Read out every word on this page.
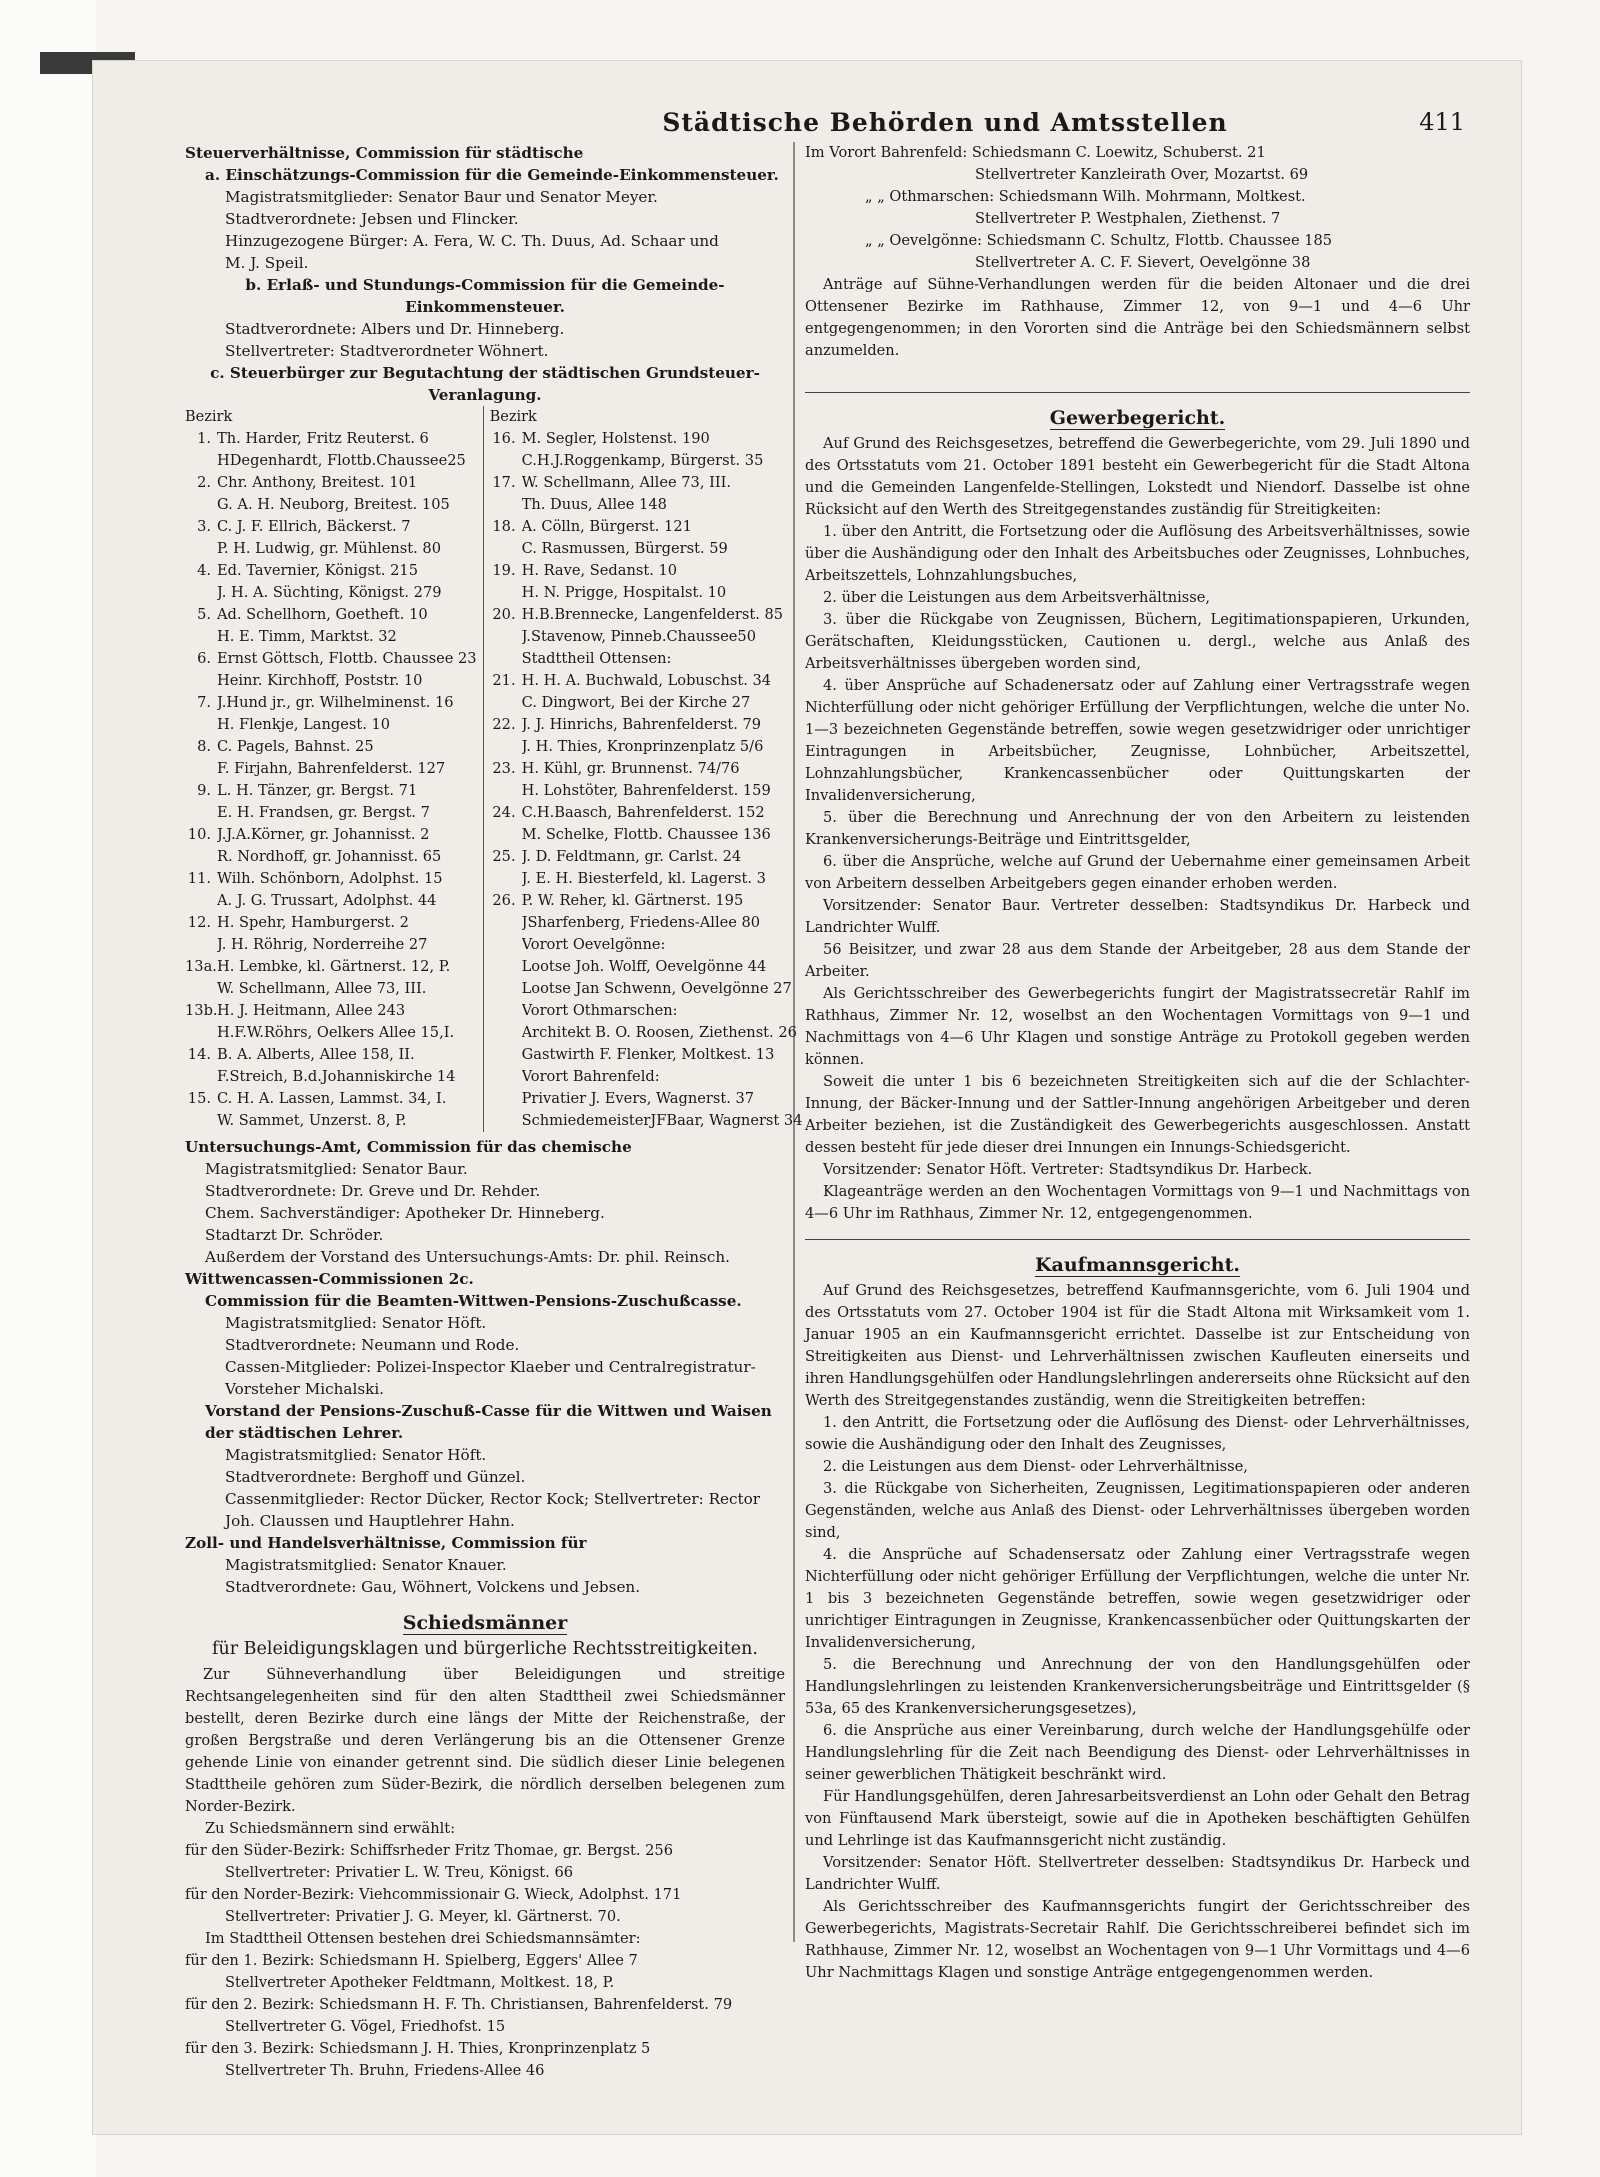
Städtische Behörden und Amtsstellen	411
Steuerverhältnisse, Commission für städtische
a. Einschätzungs-Commission für die Gemeinde-Einkommensteuer.
Magistratsmitglieder: Senator Baur und Senator Meyer.
Stadtverordnete: Jebsen und Flincker.
Hinzugezogene Bürger: A. Fera, W. C. Th. Duus, Ad. Schaar und
M. J. Speil.
b. Erlaß- und Stundungs-Commission für die Gemeinde-Einkommensteuer.
Stadtverordnete: Albers und Dr. Hinneberg.
Stellvertreter: Stadtverordneter Wöhnert.
c. Steuerbürger zur Begutachtung der städtischen Grundsteuer-Veranlagung.
Bezirk
1. Th. Harder, Fritz Reuterst. 6
HDegenhardt, Flottb.Chaussee25
2. Chr. Anthony, Breitest. 101
G. A. H. Neuborg, Breitest. 105
3. C. J. F. Ellrich, Bäckerst. 7
P. H. Ludwig, gr. Mühlenst. 80
4. Ed. Tavernier, Königst. 215
J. H. A. Süchting, Königst. 279
5. Ad. Schellhorn, Goetheft. 10
H. E. Timm, Marktst. 32
6. Ernst Göttsch, Flottb. Chaussee 23
Heinr. Kirchhoff, Poststr. 10
7. J.Hund jr., gr. Wilhelminenst. 16
H. Flenkje, Langest. 10
8. C. Pagels, Bahnst. 25
F. Firjahn, Bahrenfelderst. 127
9. L. H. Tänzer, gr. Bergst. 71
E. H. Frandsen, gr. Bergst. 7
10. J.J.A.Körner, gr. Johannisst. 2
R. Nordhoff, gr. Johannisst. 65
11. Wilh. Schönborn, Adolphst. 15
A. J. G. Trussart, Adolphst. 44
12. H. Spehr, Hamburgerst. 2
J. H. Röhrig, Norderreihe 27
13a. H. Lembke, kl. Gärtnerst. 12, P.
W. Schellmann, Allee 73, III.
13b. H. J. Heitmann, Allee 243
H.F.W.Röhrs, Oelkers Allee 15,I.
14. B. A. Alberts, Allee 158, II.
F.Streich, B.d.Johanniskirche 14
15. C. H. A. Lassen, Lammst. 34, I.
W. Sammet, Unzerst. 8, P.
Bezirk
16. M. Segler, Holstenst. 190
C.H.J.Roggenkamp, Bürgerst. 35
17. W. Schellmann, Allee 73, III.
Th. Duus, Allee 148
18. A. Cölln, Bürgerst. 121
C. Rasmussen, Bürgerst. 59
19. H. Rave, Sedanst. 10
H. N. Prigge, Hospitalst. 10
20. H.B.Brennecke, Langenfelderst. 85
J.Stavenow, Pinneb.Chaussee50
Stadttheil Ottensen:
21. H. H. A. Buchwald, Lobuschst. 34
C. Dingwort, Bei der Kirche 27
22. J. J. Hinrichs, Bahrenfelderst. 79
J. H. Thies, Kronprinzenplatz 5/6
23. H. Kühl, gr. Brunnenst. 74/76
H. Lohstöter, Bahrenfelderst. 159
24. C.H.Baasch, Bahrenfelderst. 152
M. Schelke, Flottb. Chaussee 136
25. J. D. Feldtmann, gr. Carlst. 24
J. E. H. Biesterfeld, kl. Lagerst. 3
26. P. W. Reher, kl. Gärtnerst. 195
JSharfenberg, Friedens-Allee 80
Vorort Oevelgönne:
Lootse Joh. Wolff, Oevelgönne 44
Lootse Jan Schwenn, Oevelgönne 27
Vorort Othmarschen:
Architekt B. O. Roosen, Ziethenst. 26
Gastwirth F. Flenker, Moltkest. 13
Vorort Bahrenfeld:
Privatier J. Evers, Wagnerst. 37
SchmiedemeisterJFBaar, Wagnerst 34
Untersuchungs-Amt, Commission für das chemische
Magistratsmitglied: Senator Baur.
Stadtverordnete: Dr. Greve und Dr. Rehder.
Chem. Sachverständiger: Apotheker Dr. Hinneberg.
Stadtarzt Dr. Schröder.
Außerdem der Vorstand des Untersuchungs-Amts: Dr. phil. Reinsch.
Wittwencassen-Commissionen 2c.
Commission für die Beamten-Wittwen-Pensions-Zuschußcasse.
Magistratsmitglied: Senator Höft.
Stadtverordnete: Neumann und Rode.
Cassen-Mitglieder: Polizei-Inspector Klaeber und Centralregistratur-
Vorsteher Michalski.
Vorstand der Pensions-Zuschuß-Casse für die Wittwen und Waisen der städtischen Lehrer.
Magistratsmitglied: Senator Höft.
Stadtverordnete: Berghoff und Günzel.
Cassenmitglieder: Rector Dücker, Rector Kock; Stellvertreter: Rector
Joh. Claussen und Hauptlehrer Hahn.
Zoll- und Handelsverhältnisse, Commission für
Magistratsmitglied: Senator Knauer.
Stadtverordnete: Gau, Wöhnert, Volckens und Jebsen.
Schiedsmänner
für Beleidigungsklagen und bürgerliche Rechtsstreitigkeiten.
Zur Sühneverhandlung über Beleidigungen und streitige Rechtsangelegenheiten sind für den alten Stadttheil zwei Schiedsmänner bestellt, deren Bezirke durch eine längs der Mitte der Reichenstraße, der großen Bergstraße und deren Verlängerung bis an die Ottensener Grenze gehende Linie von einander getrennt sind. Die südlich dieser Linie belegenen Stadttheile gehören zum Süder-Bezirk, die nördlich derselben belegenen zum Norder-Bezirk.
Zu Schiedsmännern sind erwählt:
für den Süder-Bezirk: Schiffsrheder Fritz Thomae, gr. Bergst. 256
Stellvertreter: Privatier L. W. Treu, Königst. 66
für den Norder-Bezirk: Viehcommissionair G. Wieck, Adolphst. 171
Stellvertreter: Privatier J. G. Meyer, kl. Gärtnerst. 70.
Im Stadttheil Ottensen bestehen drei Schiedsmannsämter:
für den 1. Bezirk: Schiedsmann H. Spielberg, Eggers' Allee 7
Stellvertreter Apotheker Feldtmann, Moltkest. 18, P.
für den 2. Bezirk: Schiedsmann H. F. Th. Christiansen, Bahrenfelderst. 79
Stellvertreter G. Vögel, Friedhofst. 15
für den 3. Bezirk: Schiedsmann J. H. Thies, Kronprinzenplatz 5
Stellvertreter Th. Bruhn, Friedens-Allee 46
Im Vorort Bahrenfeld: Schiedsmann C. Loewitz, Schuberst. 21
Stellvertreter Kanzleirath Over, Mozartst. 69
„ „ Othmarschen: Schiedsmann Wilh. Mohrmann, Moltkest.
Stellvertreter P. Westphalen, Ziethenst. 7
„ „ Oevelgönne: Schiedsmann C. Schultz, Flottb. Chaussee 185
Stellvertreter A. C. F. Sievert, Oevelgönne 38
Anträge auf Sühne-Verhandlungen werden für die beiden Altonaer und die drei Ottensener Bezirke im Rathhause, Zimmer 12, von 9—1 und 4—6 Uhr entgegengenommen; in den Vororten sind die Anträge bei den Schiedsmännern selbst anzumelden.
Gewerbegericht.
Auf Grund des Reichsgesetzes, betreffend die Gewerbegerichte, vom 29. Juli 1890 und des Ortsstatuts vom 21. October 1891 besteht ein Gewerbegericht für die Stadt Altona und die Gemeinden Langenfelde-Stellingen, Lokstedt und Niendorf. Dasselbe ist ohne Rücksicht auf den Werth des Streitgegenstandes zuständig für Streitigkeiten:
1. über den Antritt, die Fortsetzung oder die Auflösung des Arbeitsverhältnisses, sowie über die Aushändigung oder den Inhalt des Arbeitsbuches oder Zeugnisses, Lohnbuches, Arbeitszettels, Lohnzahlungsbuches,
2. über die Leistungen aus dem Arbeitsverhältnisse,
3. über die Rückgabe von Zeugnissen, Büchern, Legitimationspapieren, Urkunden, Gerätschaften, Kleidungsstücken, Cautionen u. dergl., welche aus Anlaß des Arbeitsverhältnisses übergeben worden sind,
4. über Ansprüche auf Schadenersatz oder auf Zahlung einer Vertragsstrafe wegen Nichterfüllung oder nicht gehöriger Erfüllung der Verpflichtungen, welche die unter No. 1—3 bezeichneten Gegenstände betreffen, sowie wegen gesetzwidriger oder unrichtiger Eintragungen in Arbeitsbücher, Zeugnisse, Lohnbücher, Arbeitszettel, Lohnzahlungsbücher, Krankencassenbücher oder Quittungskarten der Invalidenversicherung,
5. über die Berechnung und Anrechnung der von den Arbeitern zu leistenden Krankenversicherungs-Beiträge und Eintrittsgelder,
6. über die Ansprüche, welche auf Grund der Uebernahme einer gemeinsamen Arbeit von Arbeitern desselben Arbeitgebers gegen einander erhoben werden.
Vorsitzender: Senator Baur. Vertreter desselben: Stadtsyndikus Dr. Harbeck und Landrichter Wulff.
56 Beisitzer, und zwar 28 aus dem Stande der Arbeitgeber, 28 aus dem Stande der Arbeiter.
Als Gerichtsschreiber des Gewerbegerichts fungirt der Magistratssecretär Rahlf im Rathhaus, Zimmer Nr. 12, woselbst an den Wochentagen Vormittags von 9—1 und Nachmittags von 4—6 Uhr Klagen und sonstige Anträge zu Protokoll gegeben werden können.
Soweit die unter 1 bis 6 bezeichneten Streitigkeiten sich auf die der Schlachter-Innung, der Bäcker-Innung und der Sattler-Innung angehörigen Arbeitgeber und deren Arbeiter beziehen, ist die Zuständigkeit des Gewerbegerichts ausgeschlossen. Anstatt dessen besteht für jede dieser drei Innungen ein Innungs-Schiedsgericht.
Vorsitzender: Senator Höft. Vertreter: Stadtsyndikus Dr. Harbeck.
Klageanträge werden an den Wochentagen Vormittags von 9—1 und Nachmittags von 4—6 Uhr im Rathhaus, Zimmer Nr. 12, entgegengenommen.
Kaufmannsgericht.
Auf Grund des Reichsgesetzes, betreffend Kaufmannsgerichte, vom 6. Juli 1904 und des Ortsstatuts vom 27. October 1904 ist für die Stadt Altona mit Wirksamkeit vom 1. Januar 1905 an ein Kaufmannsgericht errichtet. Dasselbe ist zur Entscheidung von Streitigkeiten aus Dienst- und Lehrverhältnissen zwischen Kaufleuten einerseits und ihren Handlungsgehülfen oder Handlungslehrlingen andererseits ohne Rücksicht auf den Werth des Streitgegenstandes zuständig, wenn die Streitigkeiten betreffen:
1. den Antritt, die Fortsetzung oder die Auflösung des Dienst- oder Lehrverhältnisses, sowie die Aushändigung oder den Inhalt des Zeugnisses,
2. die Leistungen aus dem Dienst- oder Lehrverhältnisse,
3. die Rückgabe von Sicherheiten, Zeugnissen, Legitimationspapieren oder anderen Gegenständen, welche aus Anlaß des Dienst- oder Lehrverhältnisses übergeben worden sind,
4. die Ansprüche auf Schadensersatz oder Zahlung einer Vertragsstrafe wegen Nichterfüllung oder nicht gehöriger Erfüllung der Verpflichtungen, welche die unter Nr. 1 bis 3 bezeichneten Gegenstände betreffen, sowie wegen gesetzwidriger oder unrichtiger Eintragungen in Zeugnisse, Krankencassenbücher oder Quittungskarten der Invalidenversicherung,
5. die Berechnung und Anrechnung der von den Handlungsgehülfen oder Handlungslehrlingen zu leistenden Krankenversicherungsbeiträge und Eintrittsgelder (§ 53a, 65 des Krankenversicherungsgesetzes),
6. die Ansprüche aus einer Vereinbarung, durch welche der Handlungsgehülfe oder Handlungslehrling für die Zeit nach Beendigung des Dienst- oder Lehrverhältnisses in seiner gewerblichen Thätigkeit beschränkt wird.
Für Handlungsgehülfen, deren Jahresarbeitsverdienst an Lohn oder Gehalt den Betrag von Fünftausend Mark übersteigt, sowie auf die in Apotheken beschäftigten Gehülfen und Lehrlinge ist das Kaufmannsgericht nicht zuständig.
Vorsitzender: Senator Höft. Stellvertreter desselben: Stadtsyndikus Dr. Harbeck und Landrichter Wulff.
Als Gerichtsschreiber des Kaufmannsgerichts fungirt der Gerichtsschreiber des Gewerbegerichts, Magistrats-Secretair Rahlf. Die Gerichtsschreiberei befindet sich im Rathhause, Zimmer Nr. 12, woselbst an Wochentagen von 9—1 Uhr Vormittags und 4—6 Uhr Nachmittags Klagen und sonstige Anträge entgegengenommen werden.
